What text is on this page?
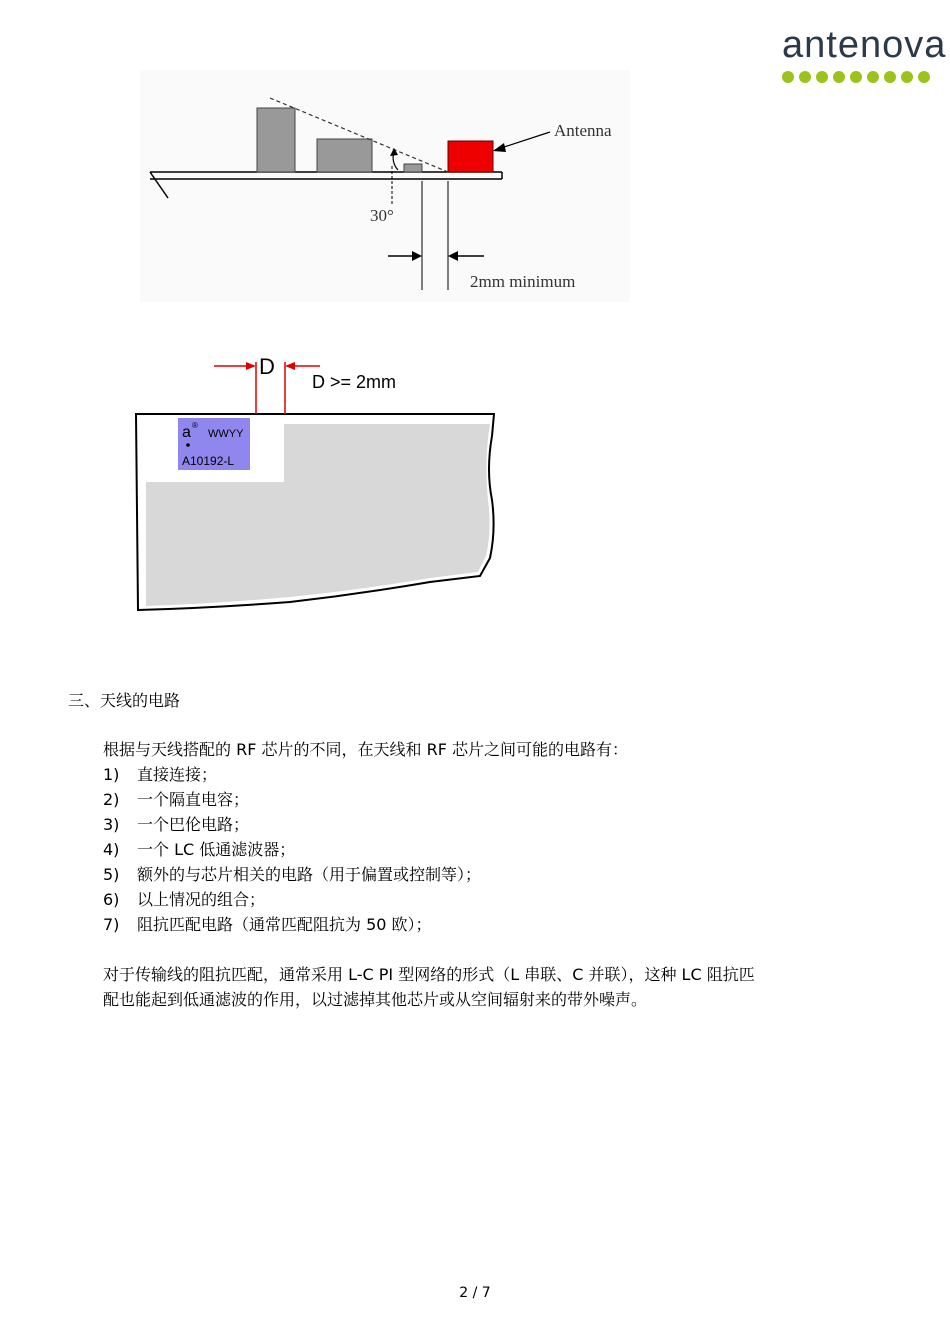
antenova
Antenna
30°
2mm minimum
D
D >= 2mm
a ®
WWYY
A10192-L
三、天线的电路
根据与天线搭配的 RF 芯片的不同，在天线和 RF 芯片之间可能的电路有：
1) 直接连接；
2) 一个隔直电容；
3) 一个巴伦电路；
4) 一个 LC 低通滤波器；
5) 额外的与芯片相关的电路（用于偏置或控制等）；
6) 以上情况的组合；
7) 阻抗匹配电路（通常匹配阻抗为 50 欧）；
对于传输线的阻抗匹配，通常采用 L-C PI 型网络的形式（L 串联、C 并联），这种 LC 阻抗匹
配也能起到低通滤波的作用，以过滤掉其他芯片或从空间辐射来的带外噪声。
2 / 7
